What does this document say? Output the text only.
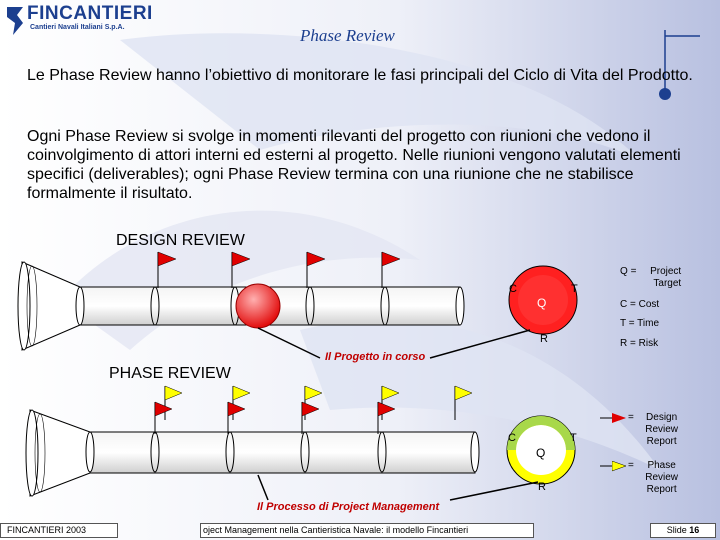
FINCANTIERI
Cantieri Navali Italiani S.p.A.	Phase Review
Le Phase Review hanno l’obiettivo di monitorare le fasi principali del Ciclo di Vita del Prodotto.
Ogni Phase Review si svolge in momenti rilevanti del progetto con riunioni che vedono il coinvolgimento di attori interni ed esterni al progetto. Nelle riunioni vengono valutati elementi specifici (deliverables); ogni Phase Review termina con una riunione che ne stabilisce formalmente il risultato.
DESIGN REVIEW
PHASE REVIEW
Il Progetto in corso
Il Processo di Project Management
C	T
Q
R
C	T
Q
R
Q = Project Target
C = Cost
T = Time
R = Risk
= Design Review Report
= Phase Review Report
FINCANTIERI 2003	oject Management nella Cantieristica Navale: il modello Fincantieri	Slide 16
